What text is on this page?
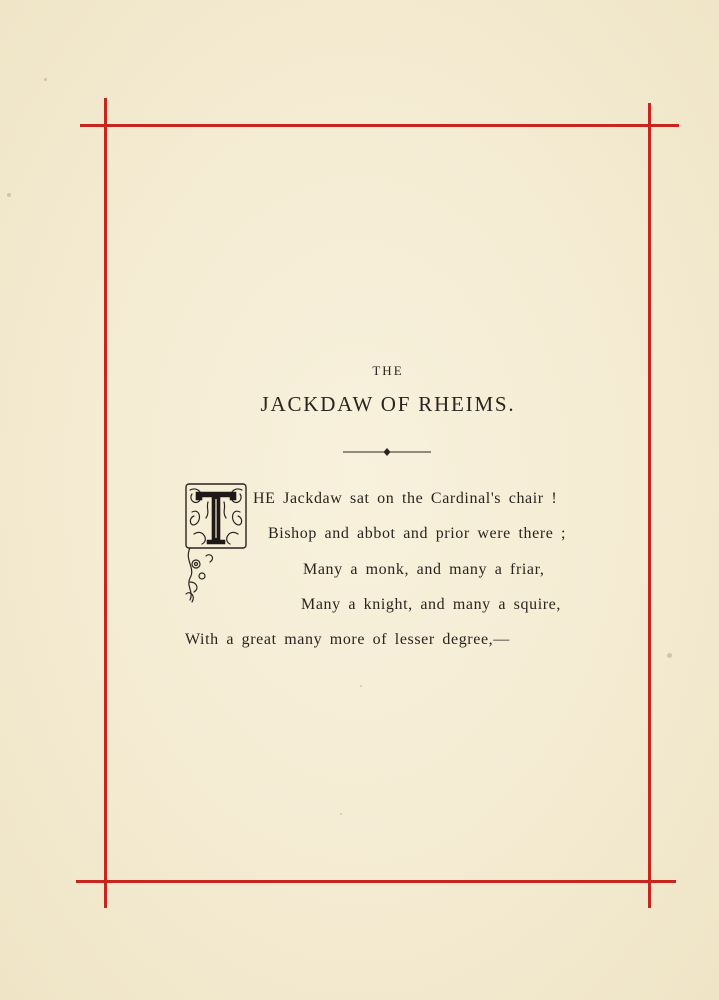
THE
JACKDAW OF RHEIMS.
HE Jackdaw sat on the Cardinal's chair !
Bishop and abbot and prior were there ;
Many a monk, and many a friar,
Many a knight, and many a squire,
With a great many more of lesser degree,—
